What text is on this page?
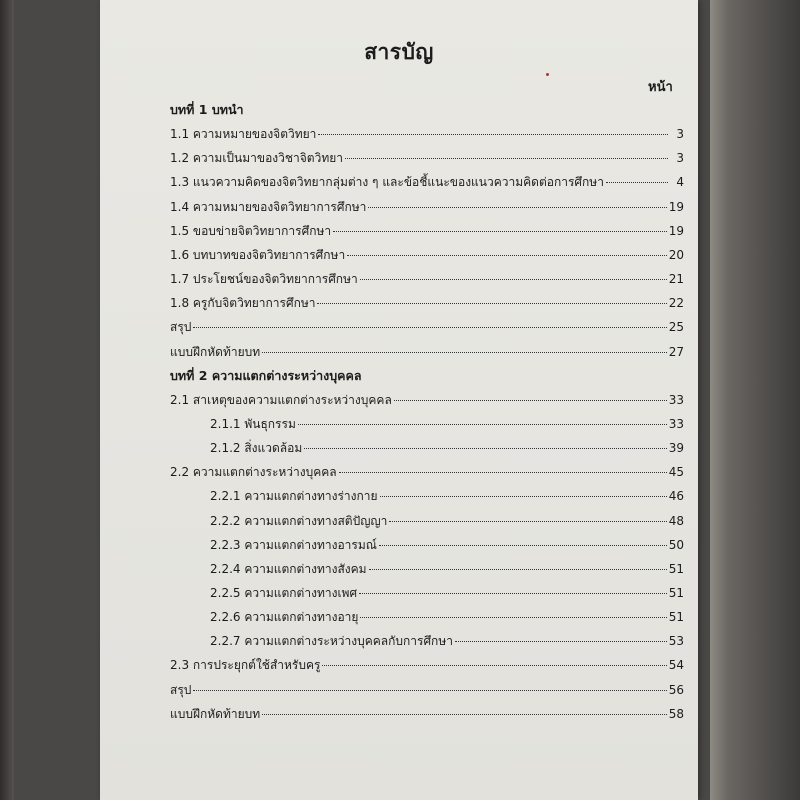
สารบัญ
หน้า
บทที่ 1 บทนำ
1.1 ความหมายของจิตวิทยา	3
1.2 ความเป็นมาของวิชาจิตวิทยา	3
1.3 แนวความคิดของจิตวิทยากลุ่มต่าง ๆ และข้อชี้แนะของแนวความคิดต่อการศึกษา	4
1.4 ความหมายของจิตวิทยาการศึกษา	19
1.5 ขอบข่ายจิตวิทยาการศึกษา	19
1.6 บทบาทของจิตวิทยาการศึกษา	20
1.7 ประโยชน์ของจิตวิทยาการศึกษา	21
1.8 ครูกับจิตวิทยาการศึกษา	22
สรุป	25
แบบฝึกหัดท้ายบท	27
บทที่ 2 ความแตกต่างระหว่างบุคคล
2.1 สาเหตุของความแตกต่างระหว่างบุคคล	33
2.1.1 พันธุกรรม	33
2.1.2 สิ่งแวดล้อม	39
2.2 ความแตกต่างระหว่างบุคคล	45
2.2.1 ความแตกต่างทางร่างกาย	46
2.2.2 ความแตกต่างทางสติปัญญา	48
2.2.3 ความแตกต่างทางอารมณ์	50
2.2.4 ความแตกต่างทางสังคม	51
2.2.5 ความแตกต่างทางเพศ	51
2.2.6 ความแตกต่างทางอายุ	51
2.2.7 ความแตกต่างระหว่างบุคคลกับการศึกษา	53
2.3 การประยุกต์ใช้สำหรับครู	54
สรุป	56
แบบฝึกหัดท้ายบท	58
